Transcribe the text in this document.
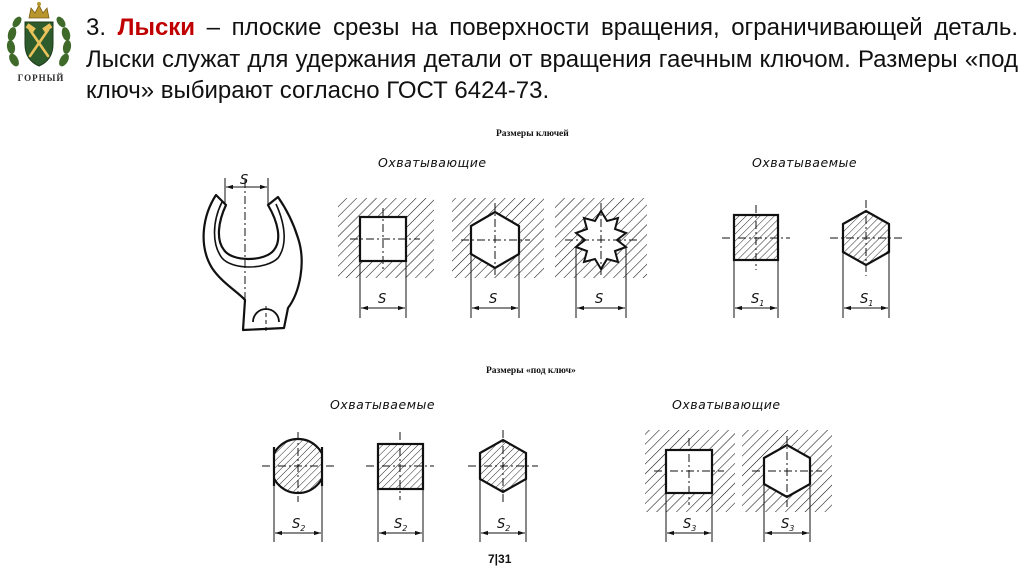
ГОРНЫЙ

3. Лыски – плоские срезы на поверхности вращения, ограничивающей деталь. Лыски служат для удержания детали от вращения гаечным ключом. Размеры «под ключ» выбирают согласно ГОСТ 6424-73.

Размеры ключей
Охватывающие	Охватываемые
Размеры «под ключ»
Охватываемые	Охватывающие
S
S	S	S	$S_1$	$S_1$
$S_2$	$S_2$	$S_2$	$S_3$	$S_3$
7|31
